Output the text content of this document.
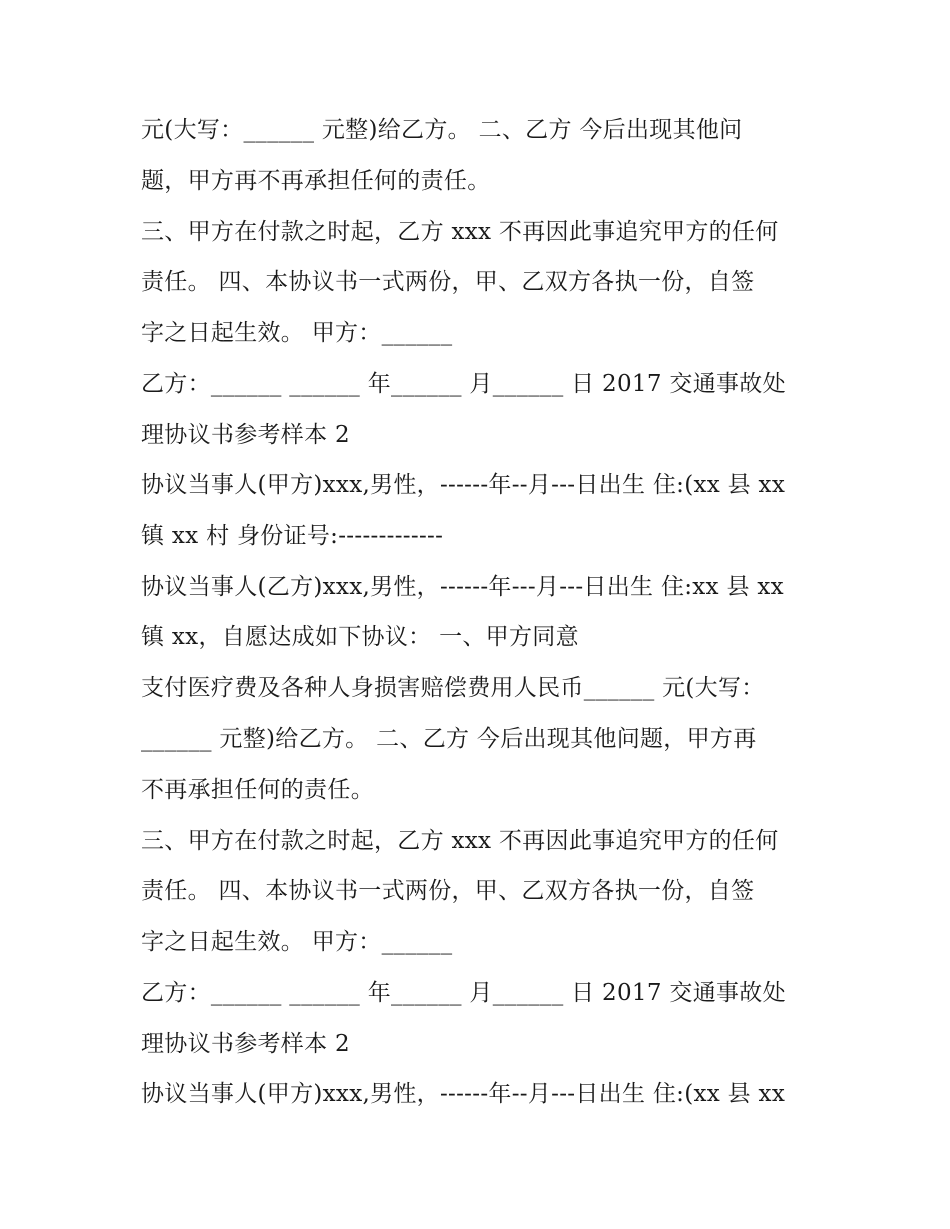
元(大写：______ 元整)给乙方。 二、乙方 今后出现其他问
题，甲方再不再承担任何的责任。
三、甲方在付款之时起，乙方 xxx 不再因此事追究甲方的任何
责任。 四、本协议书一式两份，甲、乙双方各执一份，自签
字之日起生效。 甲方：______
乙方：______ ______ 年______ 月______ 日 2017 交通事故处
理协议书参考样本 2
协议当事人(甲方)xxx,男性，------年--月---日出生 住:(xx 县 xx
镇 xx 村 身份证号:-------------
协议当事人(乙方)xxx,男性，------年---月---日出生 住:xx 县 xx
镇 xx，自愿达成如下协议： 一、甲方同意
支付医疗费及各种人身损害赔偿费用人民币______ 元(大写：
______ 元整)给乙方。 二、乙方 今后出现其他问题，甲方再
不再承担任何的责任。
三、甲方在付款之时起，乙方 xxx 不再因此事追究甲方的任何
责任。 四、本协议书一式两份，甲、乙双方各执一份，自签
字之日起生效。 甲方：______
乙方：______ ______ 年______ 月______ 日 2017 交通事故处
理协议书参考样本 2
协议当事人(甲方)xxx,男性，------年--月---日出生 住:(xx 县 xx
